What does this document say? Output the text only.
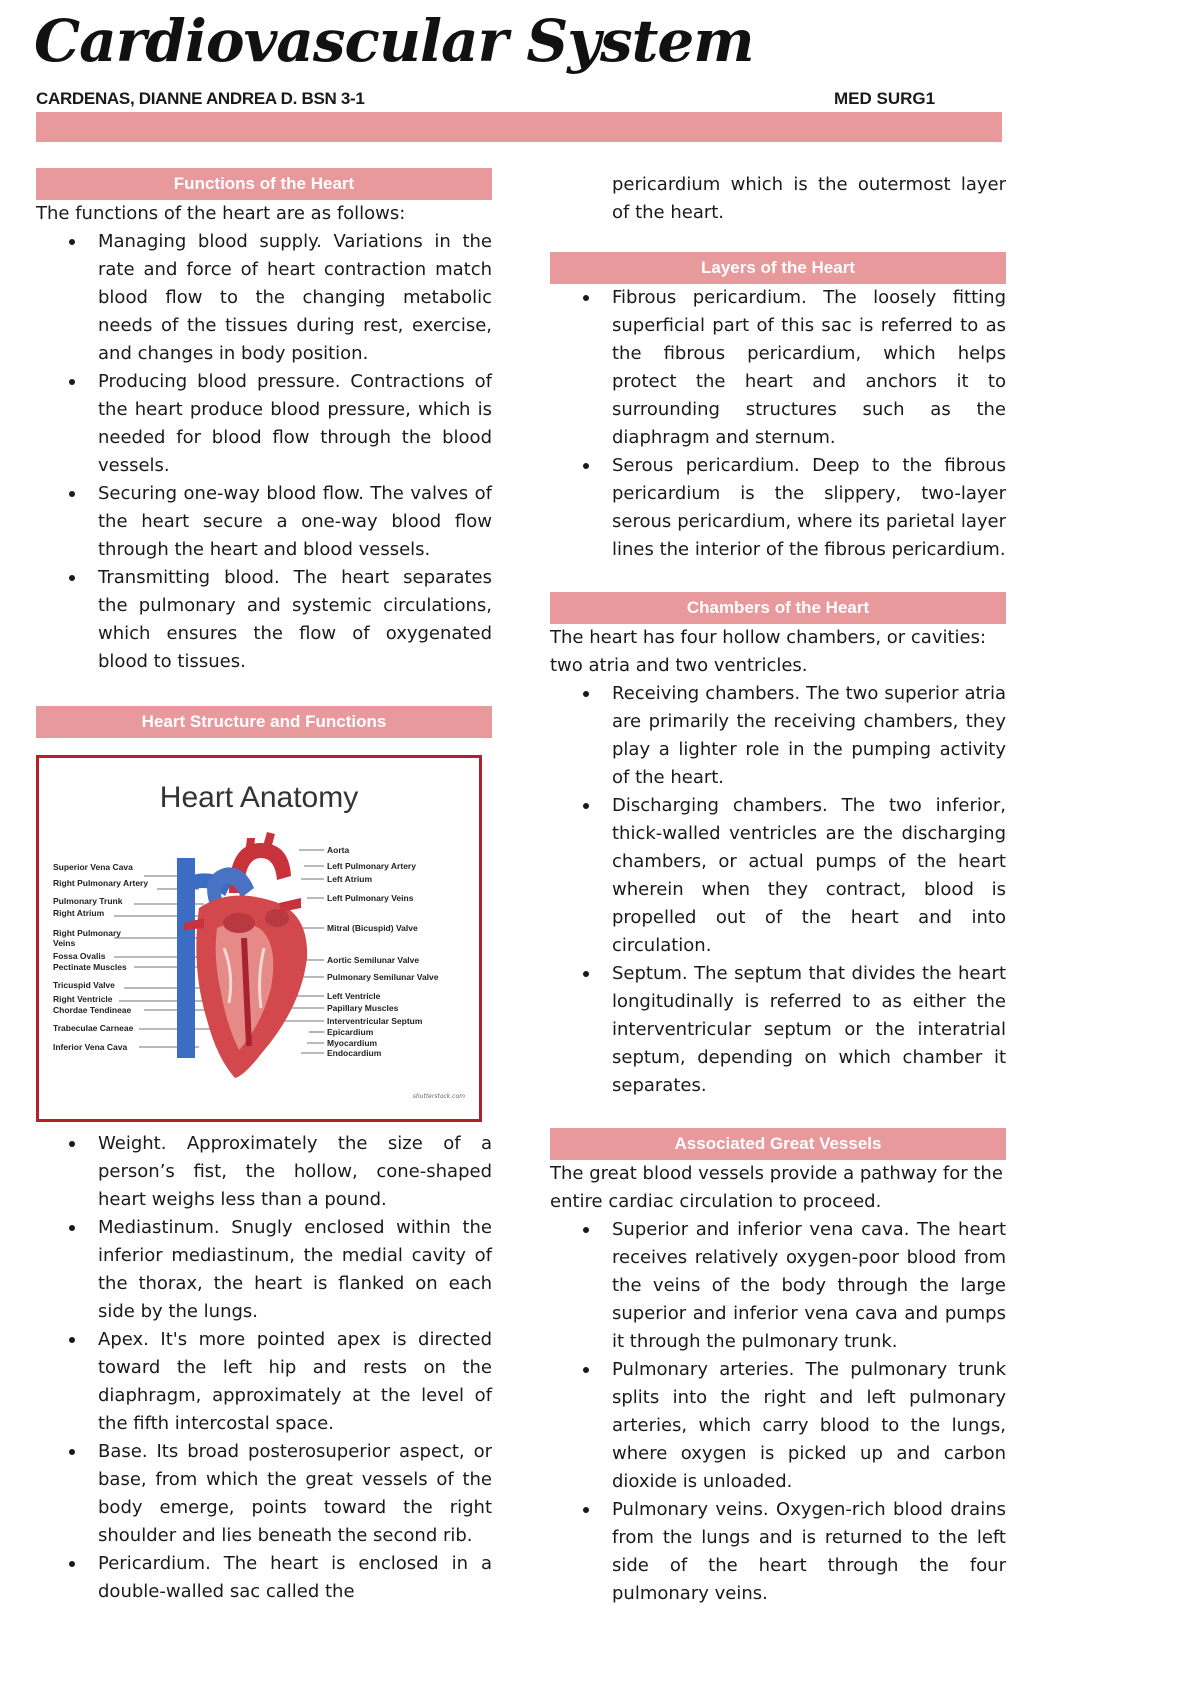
Cardiovascular System
CARDENAS, DIANNE ANDREA D. BSN 3-1	MED SURG1
Functions of the Heart

The functions of the heart are as follows:

Managing blood supply. Variations in the rate and force of heart contraction match blood flow to the changing metabolic needs of the tissues during rest, exercise, and changes in body position.
Producing blood pressure. Contractions of the heart produce blood pressure, which is needed for blood flow through the blood vessels.
Securing one-way blood flow. The valves of the heart secure a one-way blood flow through the heart and blood vessels.
Transmitting blood. The heart separates the pulmonary and systemic circulations, which ensures the flow of oxygenated blood to tissues.
Heart Structure and Functions
Heart Anatomy
Superior Vena Cava
Right Pulmonary Artery
Pulmonary Trunk
Right Atrium
Right Pulmonary Veins
Fossa Ovalis
Pectinate Muscles
Tricuspid Valve
Right Ventricle
Chordae Tendineae
Trabeculae Carneae
Inferior Vena Cava
Aorta
Left Pulmonary Artery
Left Atrium
Left Pulmonary Veins
Mitral (Bicuspid) Valve
Aortic Semilunar Valve
Pulmonary Semilunar Valve
Left Ventricle
Papillary Muscles
Interventricular Septum
Epicardium
Myocardium
Endocardium
shutterstock.com
Weight. Approximately the size of a person’s fist, the hollow, cone-shaped heart weighs less than a pound.
Mediastinum. Snugly enclosed within the inferior mediastinum, the medial cavity of the thorax, the heart is flanked on each side by the lungs.
Apex. It's more pointed apex is directed toward the left hip and rests on the diaphragm, approximately at the level of the fifth intercostal space.
Base. Its broad posterosuperior aspect, or base, from which the great vessels of the body emerge, points toward the right shoulder and lies beneath the second rib.
Pericardium. The heart is enclosed in a double-walled sac called the

pericardium which is the outermost layer of the heart.

Layers of the Heart
Fibrous pericardium. The loosely fitting superficial part of this sac is referred to as the fibrous pericardium, which helps protect the heart and anchors it to surrounding structures such as the diaphragm and sternum.
Serous pericardium. Deep to the fibrous pericardium is the slippery, two-layer serous pericardium, where its parietal layer lines the interior of the fibrous pericardium.
Chambers of the Heart

The heart has four hollow chambers, or cavities: two atria and two ventricles.

Receiving chambers. The two superior atria are primarily the receiving chambers, they play a lighter role in the pumping activity of the heart.
Discharging chambers. The two inferior, thick-walled ventricles are the discharging chambers, or actual pumps of the heart wherein when they contract, blood is propelled out of the heart and into circulation.
Septum. The septum that divides the heart longitudinally is referred to as either the interventricular septum or the interatrial septum, depending on which chamber it separates.
Associated Great Vessels

The great blood vessels provide a pathway for the entire cardiac circulation to proceed.

Superior and inferior vena cava. The heart receives relatively oxygen-poor blood from the veins of the body through the large superior and inferior vena cava and pumps it through the pulmonary trunk.
Pulmonary arteries. The pulmonary trunk splits into the right and left pulmonary arteries, which carry blood to the lungs, where oxygen is picked up and carbon dioxide is unloaded.
Pulmonary veins. Oxygen-rich blood drains from the lungs and is returned to the left side of the heart through the four pulmonary veins.
